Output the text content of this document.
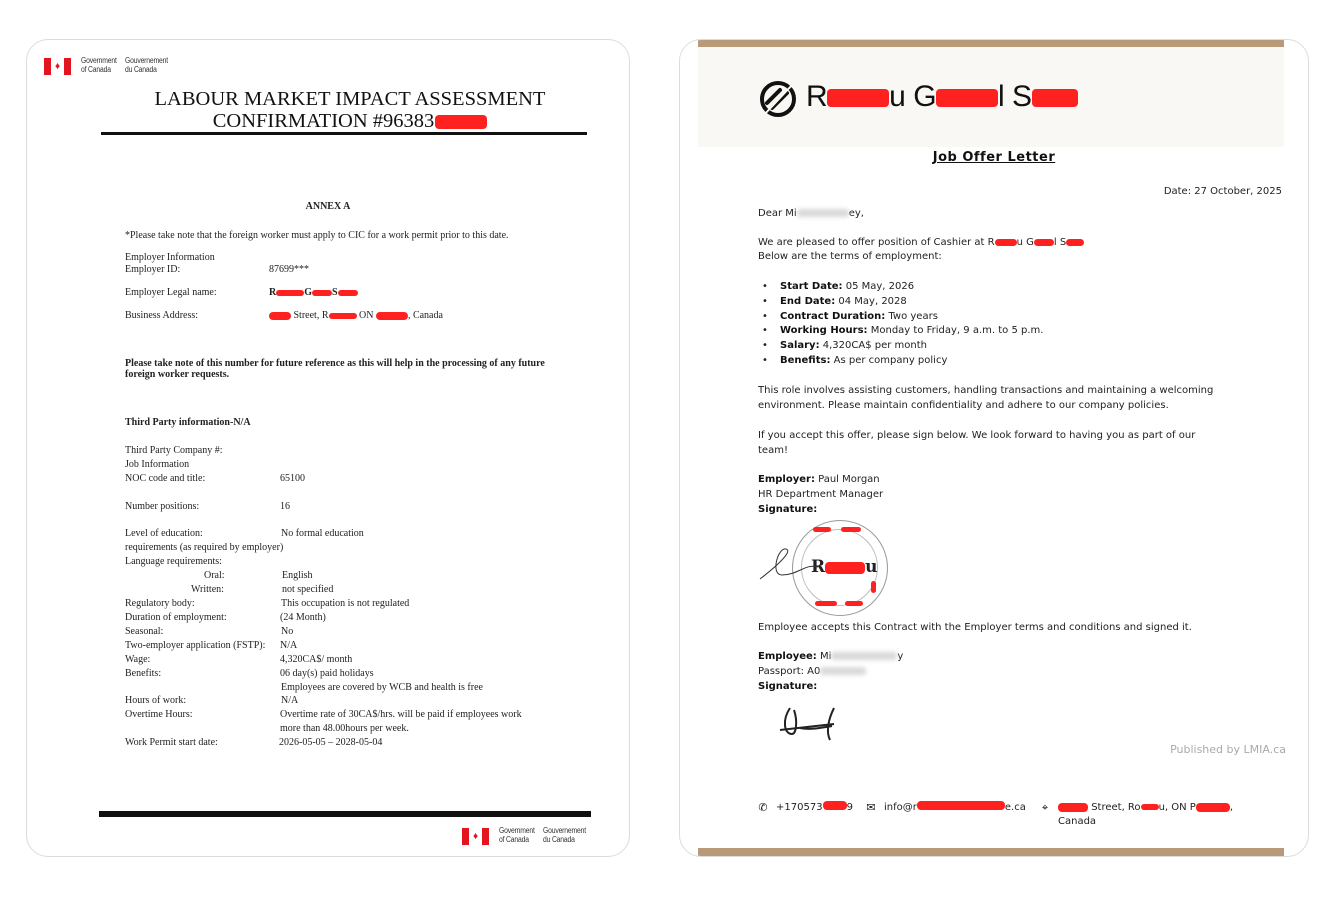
♦
Government
of Canada
Gouvernement
du Canada
LABOUR MARKET IMPACT ASSESSMENT
CONFIRMATION #96383
ANNEX A
*Please take note that the foreign worker must apply to CIC for a work permit prior to this date.
Employer Information
Employer ID:	87699***
Employer Legal name:	R	G S
Business Address:	Street, R	ON	, Canada
Please take note of this number for future reference as this will help in the processing of any future
foreign worker requests.
Third Party information-N/A
Third Party Company #:
Job Information
NOC code and title:	65100
Number positions:	16
Level of education:	No formal education
requirements (as required by employer)
Language requirements:
Oral:	English
Written:	not specified
Regulatory body:	This occupation is not regulated
Duration of employment:	(24 Month)
Seasonal:	No
Two-employer application (FSTP): N/A
Wage:	4,320CA$/ month
Benefits:	06 day(s) paid holidays
Employees are covered by WCB and health is free
Hours of work:	N/A
Overtime Hours:	Overtime rate of 30CA$/hrs. will be paid if employees work
more than 48.00hours per week.
Work Permit start date:	2026-05-05 – 2028-05-04
♦
Government
of Canada
Gouvernement
du Canada
R u G l S
Job Offer Letter
Date: 27 October, 2025
Dear Mi	ey,
We are pleased to offer position of Cashier at R u G l S
Below are the terms of employment:
• Start Date: 05 May, 2026
• End Date: 04 May, 2028
• Contract Duration: Two years
• Working Hours: Monday to Friday, 9 a.m. to 5 p.m.
• Salary: 4,320CA$ per month
• Benefits: As per company policy
This role involves assisting customers, handling transactions and maintaining a welcoming
environment. Please maintain confidentiality and adhere to our company policies.
If you accept this offer, please sign below. We look forward to having you as part of our
team!
Employer: Paul Morgan
HR Department Manager
Signature:
R u
Employee accepts this Contract with the Employer terms and conditions and signed it.
Employee: Mi	y
Passport: A0
Signature:
Published by LMIA.ca
✆ +170573 9 ✉ info@r	e.ca	⌖	Street, Ro u, ON P	,
Canada
